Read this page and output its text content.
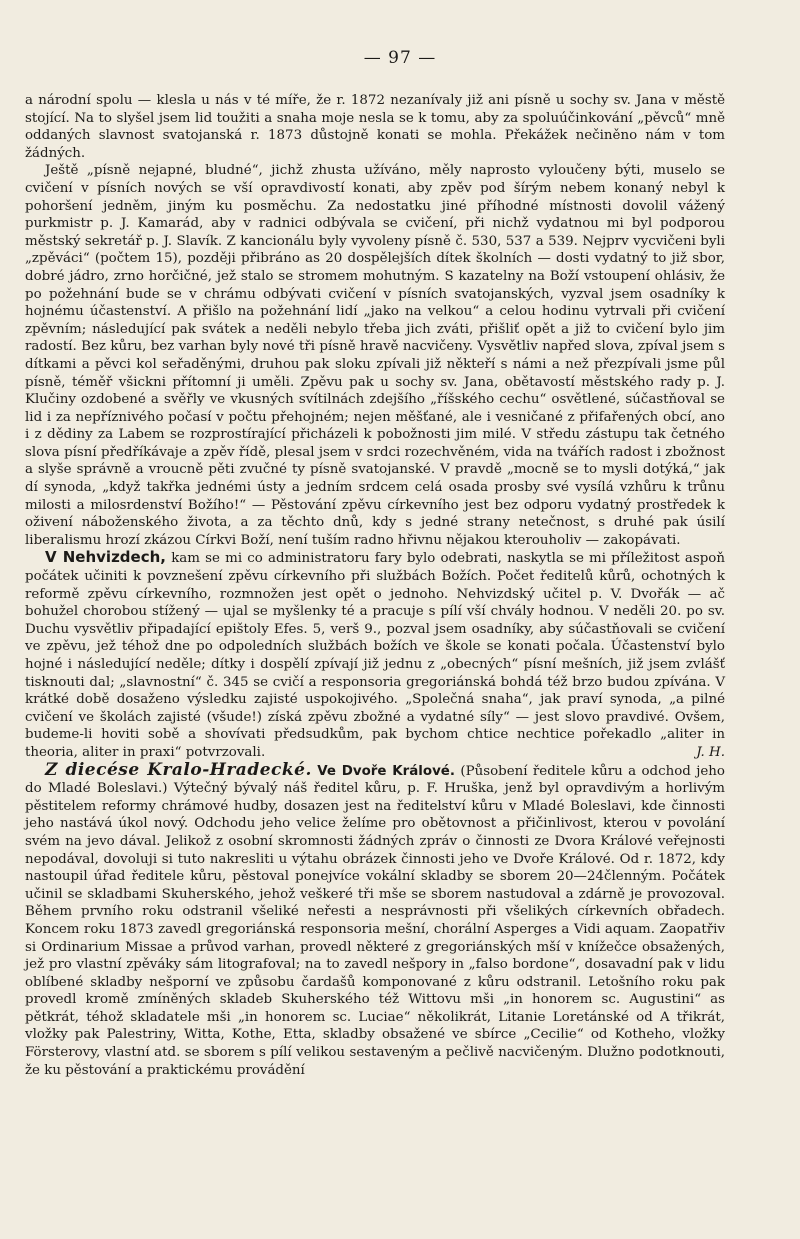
— 97 —

a národní spolu — klesla u nás v té míře, že r. 1872 nezanívaly již ani písně u sochy sv. Jana v městě stojící. Na to slyšel jsem lid toužiti a snaha moje nesla se k tomu, aby za spoluúčinkování „pěvců“ mně oddaných slavnost svatojanská r. 1873 důstojně konati se mohla. Překážek nečiněno nám v tom žádných.

Ještě „písně nejapné, bludné“, jichž zhusta užíváno, měly naprosto vyloučeny býti, muselo se cvičení v písních nových se vší opravdivostí konati, aby zpěv pod šírým nebem konaný nebyl k pohoršení jedněm, jiným ku posměchu. Za nedostatku jiné příhodné místnosti dovolil vážený purkmistr p. J. Kamarád, aby v radnici odbývala se cvičení, při nichž vydatnou mi byl podporou městský sekretář p. J. Slavík. Z kancionálu byly vyvoleny písně č. 530, 537 a 539. Nejprv vycvičeni byli „zpěváci“ (počtem 15), později přibráno as 20 dospělejších dítek školních — dosti vydatný to již sbor, dobré jádro, zrno horčičné, jež stalo se stromem mohutným. S kazatelny na Boží vstoupení ohlásiv, že po požehnání bude se v chrámu odbývati cvičení v písních svatojanských, vyzval jsem osadníky k hojnému účastenství. A přišlo na požehnání lidí „jako na velkou“ a celou hodinu vytrvali při cvičení zpěvním; následující pak svátek a neděli nebylo třeba jich zváti, přišliť opět a již to cvičení bylo jim radostí. Bez kůru, bez varhan byly nové tři písně hravě nacvičeny. Vysvětliv napřed slova, zpíval jsem s dítkami a pěvci kol seřaděnými, druhou pak sloku zpívali již někteří s námi a než přezpívali jsme půl písně, téměř všickni přítomní ji uměli. Zpěvu pak u sochy sv. Jana, obětavostí městského rady p. J. Klučiny ozdobené a svěřly ve vkusných svítilnách zdejšího „říšského cechu“ osvětlené, súčastňoval se lid i za nepříznivého počasí v počtu přehojném; nejen měšťané, ale i vesničané z přifařených obcí, ano i z dědiny za Labem se rozprostírající přicházeli k pobožnosti jim milé. V středu zástupu tak četného slova písní předříkávaje a zpěv řídě, plesal jsem v srdci rozechvěném, vida na tvářích radost i zbožnost a slyše správně a vroucně pěti zvučné ty písně svatojanské. V pravdě „mocně se to mysli dotýká,“ jak dí synoda, „když takřka jednémi ústy a jedním srdcem celá osada prosby své vysílá vzhůru k trůnu milosti a milosrdenství Božího!“ — Pěstování zpěvu církevního jest bez odporu vydatný prostředek k oživení náboženského života, a za těchto dnů, kdy s jedné strany netečnost, s druhé pak úsilí liberalismu hrozí zkázou Církvi Boží, není tuším radno hřivnu nějakou kterouholiv — zakopávati.

V Nehvizdech, kam se mi co administratoru fary bylo odebrati, naskytla se mi příležitost aspoň počátek učiniti k povznešení zpěvu církevního při službách Božích. Počet ředitelů kůrů, ochotných k reformě zpěvu církevního, rozmnožen jest opět o jednoho. Nehvizdský učitel p. V. Dvořák — ač bohužel chorobou stížený — ujal se myšlenky té a pracuje s pílí vší chvály hodnou. V neděli 20. po sv. Duchu vysvětliv připadající epištoly Efes. 5, verš 9., pozval jsem osadníky, aby súčastňovali se cvičení ve zpěvu, jež téhož dne po odpoledních službách božích ve škole se konati počala. Účastenství bylo hojné i následující neděle; dítky i dospělí zpívají již jednu z „obecných“ písní mešních, již jsem zvlášť tisknouti dal; „slavnostní“ č. 345 se cvičí a responsoria gregoriánská bohdá též brzo budou zpívána. V krátké době dosaženo výsledku zajisté uspokojivého. „Společná snaha“, jak praví synoda, „a pilné cvičení ve školách zajisté (všude!) získá zpěvu zbožné a vydatné síly“ — jest slovo pravdivé. Ovšem, budeme-li hoviti sobě a shovívati předsudkům, pak bychom chtice nechtice pořekadlo „aliter in theoria, aliter in praxi“ potvrzovali.	J. H.

Z diecése Kralo-Hradecké. Ve Dvoře Králové. (Působení ředitele kůru a odchod jeho do Mladé Boleslavi.) Výtečný bývalý náš ředitel kůru, p. F. Hruška, jenž byl opravdivým a horlivým pěstitelem reformy chrámové hudby, dosazen jest na ředitelství kůru v Mladé Boleslavi, kde činnosti jeho nastává úkol nový. Odchodu jeho velice želíme pro obětovnost a přičinlivost, kterou v povolání svém na jevo dával. Jelikož z osobní skromnosti žádných zpráv o činnosti ze Dvora Králové veřejnosti nepodával, dovoluji si tuto nakresliti u výtahu obrázek činnosti jeho ve Dvoře Králové. Od r. 1872, kdy nastoupil úřad ředitele kůru, pěstoval ponejvíce vokální skladby se sborem 20—24členným. Počátek učinil se skladbami Skuherského, jehož veškeré tři mše se sborem nastudoval a zdárně je provozoval. Během prvního roku odstranil všeliké neřesti a nesprávnosti při všelikých církevních obřadech. Koncem roku 1873 zavedl gregoriánská responsoria mešní, chorální Asperges a Vidi aquam. Zaopatřiv si Ordinarium Missae a průvod varhan, provedl některé z gregoriánských mší v knížečce obsažených, jež pro vlastní zpěváky sám litografoval; na to zavedl nešpory in „falso bordone“, dosavadní pak v lidu oblíbené skladby nešporní ve způsobu čardašů komponované z kůru odstranil. Letošního roku pak provedl kromě zmíněných skladeb Skuherského též Wittovu mši „in honorem sc. Augustini“ as pětkrát, téhož skladatele mši „in honorem sc. Luciae“ několikrát, Litanie Loretánské od A třikrát, vložky pak Palestriny, Witta, Kothe, Etta, skladby obsažené ve sbírce „Cecilie“ od Kotheho, vložky Försterovy, vlastní atd. se sborem s pílí velikou sestaveným a pečlivě nacvičeným. Dlužno podotknouti, že ku pěstování a praktickému provádění
